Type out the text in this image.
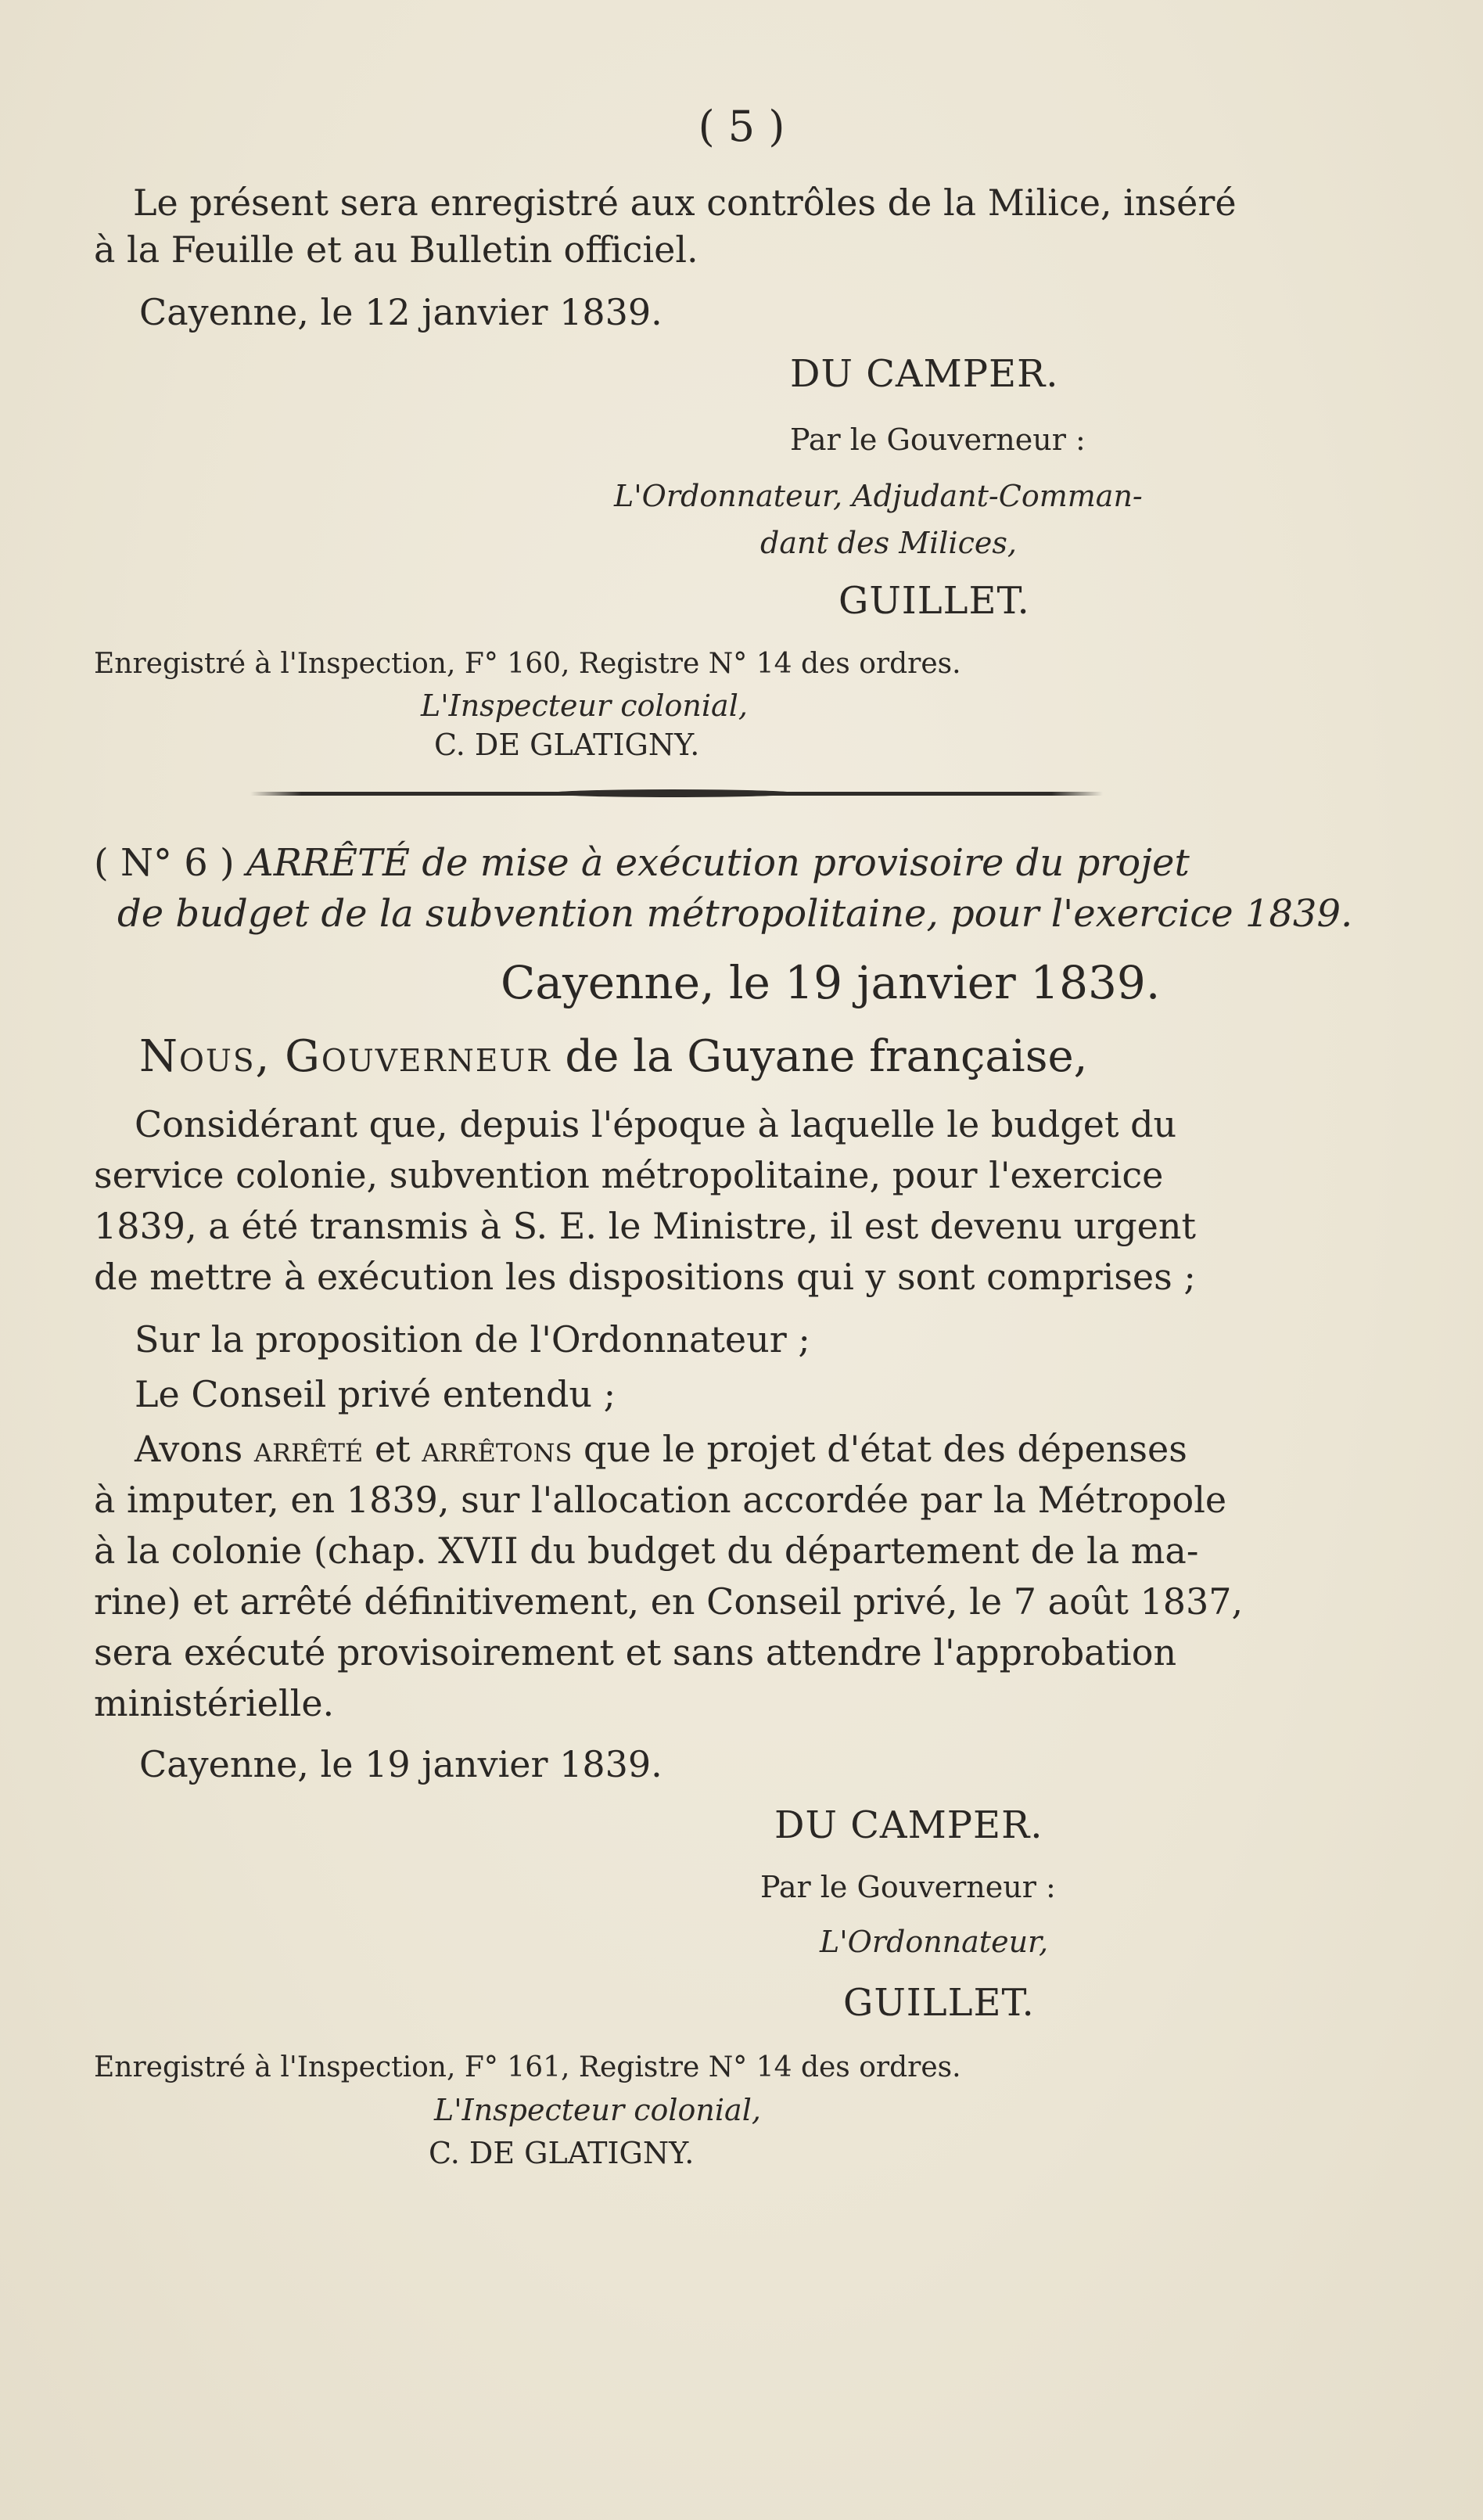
( 5 )
Le présent sera enregistré aux contrôles de la Milice, inséré
à la Feuille et au Bulletin officiel.
Cayenne, le 12 janvier 1839.
DU CAMPER.
Par le Gouverneur :
L'Ordonnateur, Adjudant-Comman-
dant des Milices,
GUILLET.
Enregistré à l'Inspection, F° 160, Registre N° 14 des ordres.
L'Inspecteur colonial,
C. DE GLATIGNY.
( N° 6 ) ARRÊTÉ de mise à exécution provisoire du projet
de budget de la subvention métropolitaine, pour l'exercice 1839.
Cayenne, le 19 janvier 1839.
Nous, Gouverneur de la Guyane française,
Considérant que, depuis l'époque à laquelle le budget du
service colonie, subvention métropolitaine, pour l'exercice
1839, a été transmis à S. E. le Ministre, il est devenu urgent
de mettre à exécution les dispositions qui y sont comprises ;
Sur la proposition de l'Ordonnateur ;
Le Conseil privé entendu ;
Avons arrêté et arrêtons que le projet d'état des dépenses
à imputer, en 1839, sur l'allocation accordée par la Métropole
à la colonie (chap. XVII du budget du département de la ma-
rine) et arrêté définitivement, en Conseil privé, le 7 août 1837,
sera exécuté provisoirement et sans attendre l'approbation
ministérielle.
Cayenne, le 19 janvier 1839.
DU CAMPER.
Par le Gouverneur :
L'Ordonnateur,
GUILLET.
Enregistré à l'Inspection, F° 161, Registre N° 14 des ordres.
L'Inspecteur colonial,
C. DE GLATIGNY.
